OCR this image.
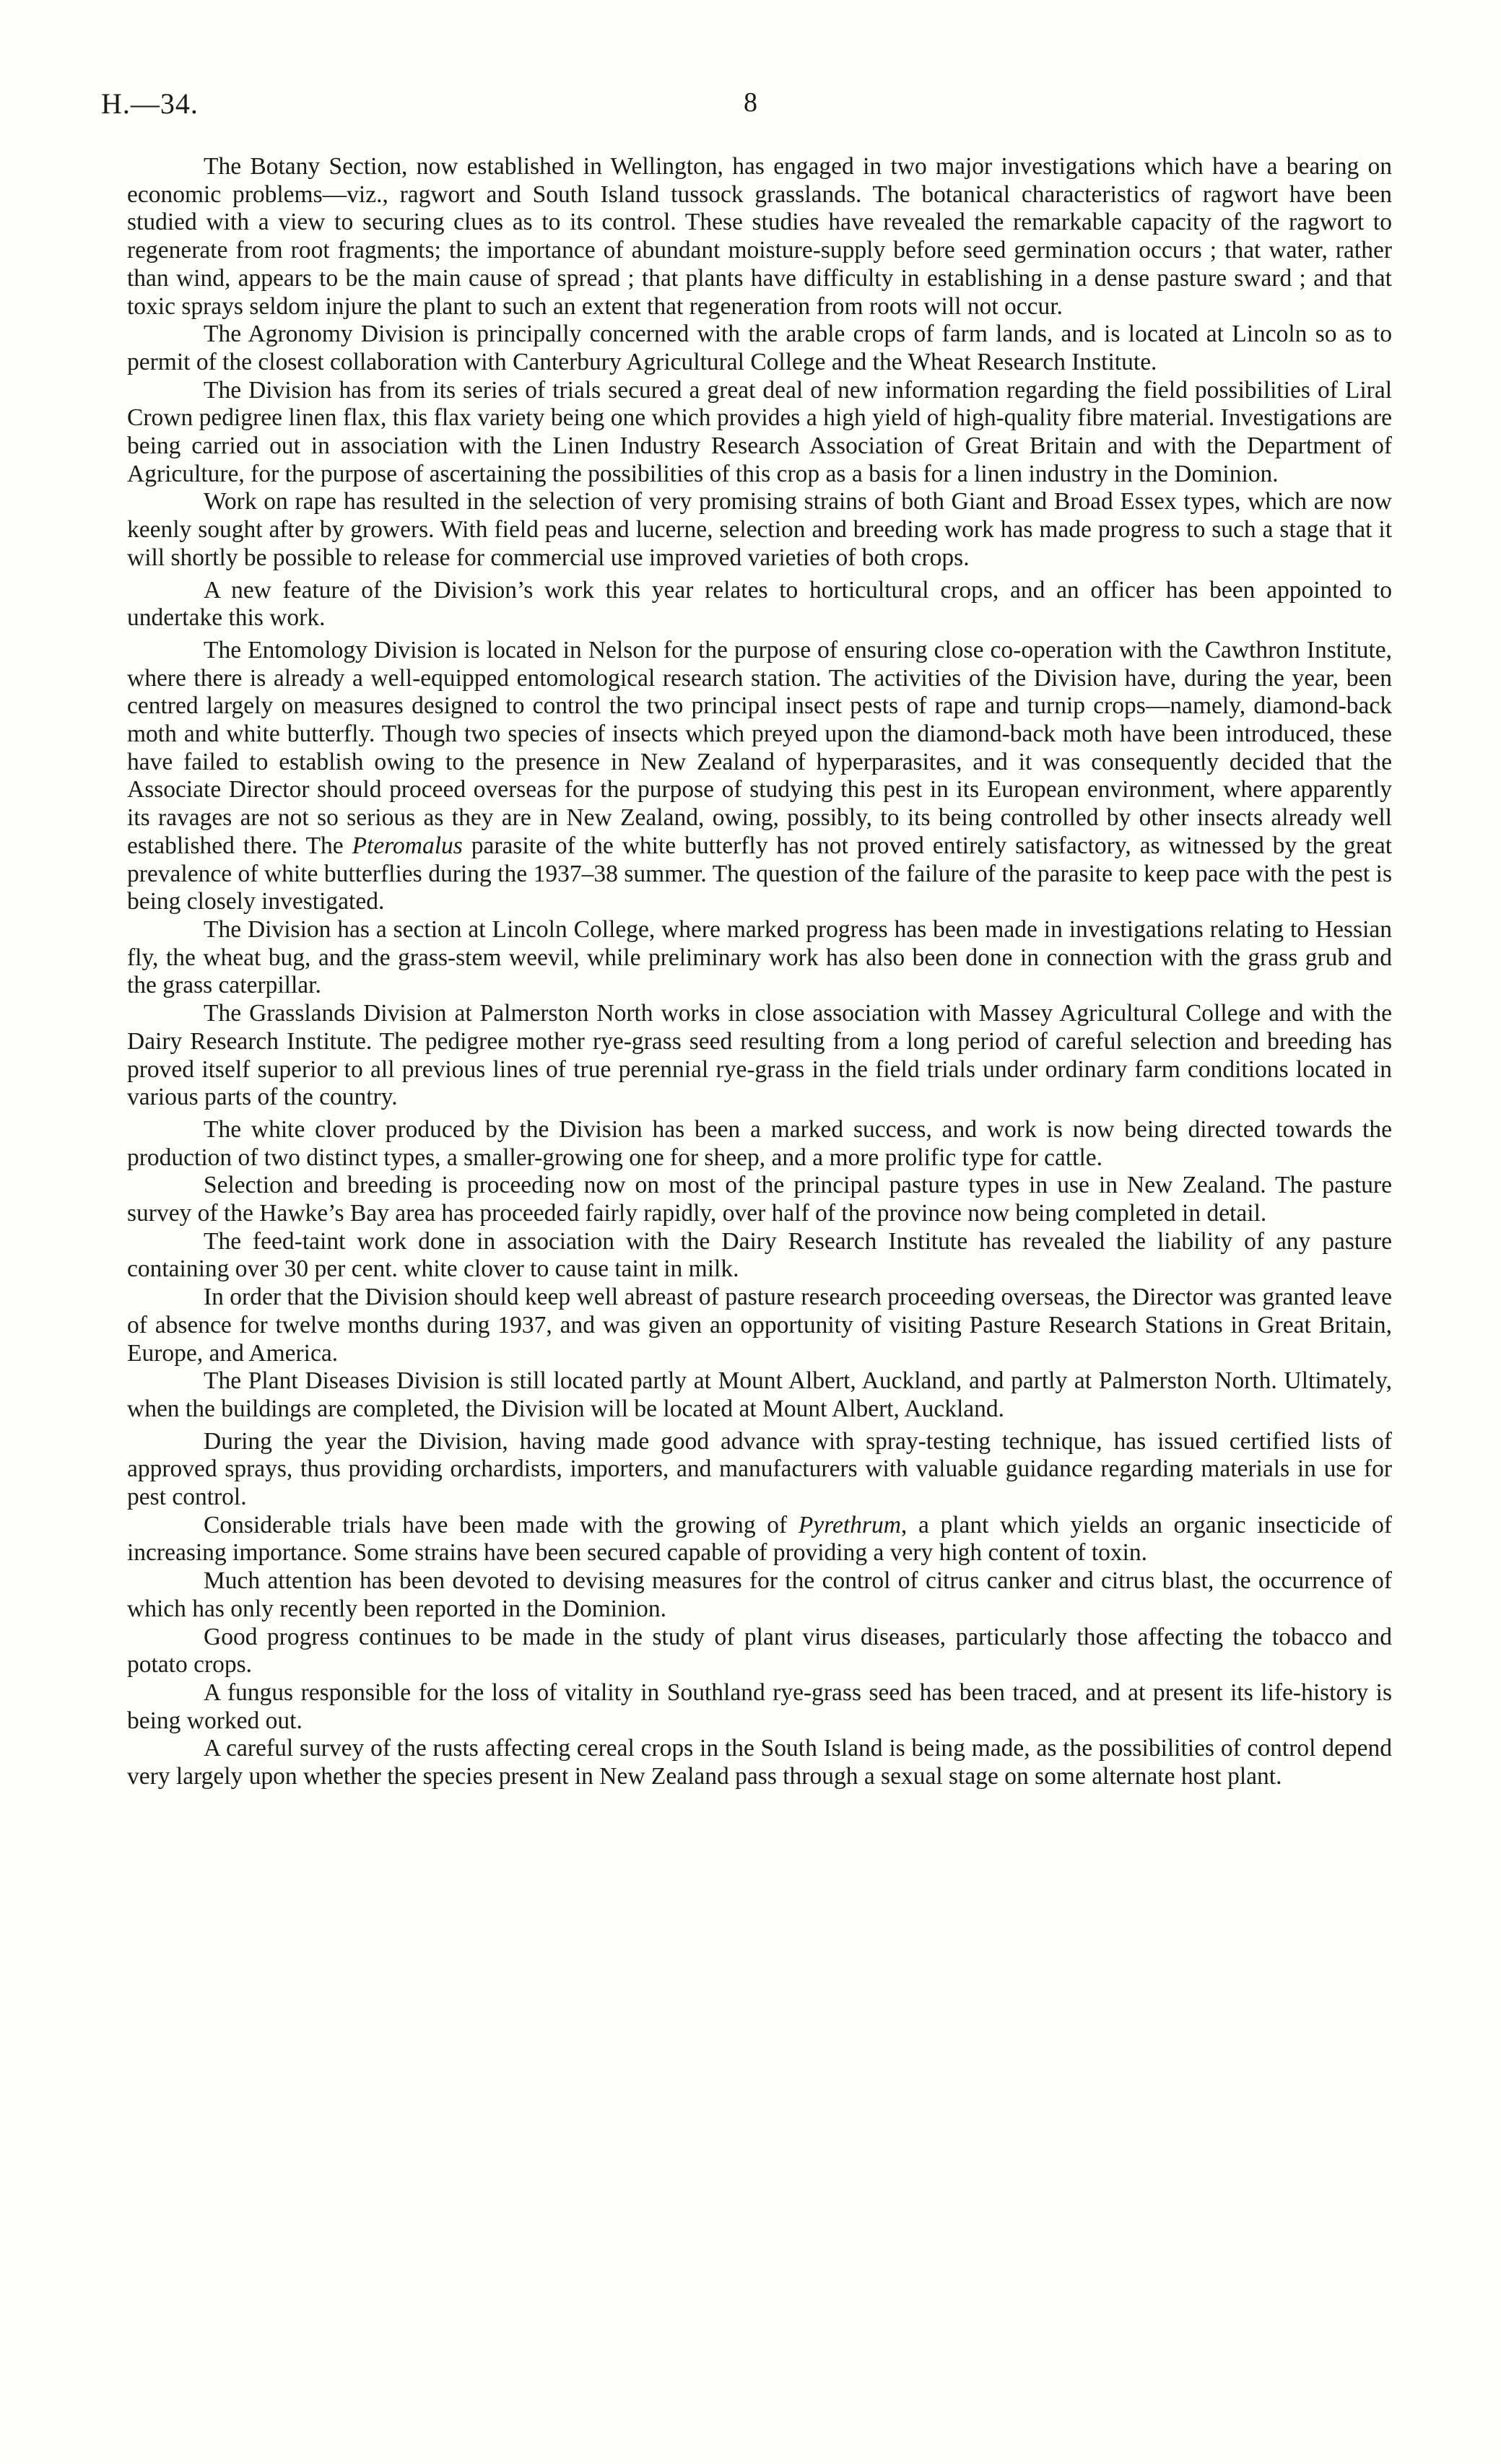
H.—34.	8

The Botany Section, now established in Wellington, has engaged in two major investigations which have a bearing on economic problems—viz., ragwort and South Island tussock grasslands. The botanical characteristics of ragwort have been studied with a view to securing clues as to its control. These studies have revealed the remarkable capacity of the ragwort to regenerate from root fragments; the importance of abundant moisture-supply before seed germination occurs ; that water, rather than wind, appears to be the main cause of spread ; that plants have difficulty in establishing in a dense pasture sward ; and that toxic sprays seldom injure the plant to such an extent that regeneration from roots will not occur.

The Agronomy Division is principally concerned with the arable crops of farm lands, and is located at Lincoln so as to permit of the closest collaboration with Canterbury Agricultural College and the Wheat Research Institute.

The Division has from its series of trials secured a great deal of new information regarding the field possibilities of Liral Crown pedigree linen flax, this flax variety being one which provides a high yield of high-quality fibre material. Investigations are being carried out in association with the Linen Industry Research Association of Great Britain and with the Department of Agriculture, for the purpose of ascertaining the possibilities of this crop as a basis for a linen industry in the Dominion.

Work on rape has resulted in the selection of very promising strains of both Giant and Broad Essex types, which are now keenly sought after by growers. With field peas and lucerne, selection and breeding work has made progress to such a stage that it will shortly be possible to release for commercial use improved varieties of both crops.

A new feature of the Division’s work this year relates to horticultural crops, and an officer has been appointed to undertake this work.

The Entomology Division is located in Nelson for the purpose of ensuring close co-operation with the Cawthron Institute, where there is already a well-equipped entomological research station. The activities of the Division have, during the year, been centred largely on measures designed to control the two principal insect pests of rape and turnip crops—namely, diamond-back moth and white butterfly. Though two species of insects which preyed upon the diamond-back moth have been introduced, these have failed to establish owing to the presence in New Zealand of hyperparasites, and it was consequently decided that the Associate Director should proceed overseas for the purpose of studying this pest in its European environment, where apparently its ravages are not so serious as they are in New Zealand, owing, possibly, to its being controlled by other insects already well established there. The Pteromalus parasite of the white butterfly has not proved entirely satisfactory, as witnessed by the great prevalence of white butterflies during the 1937–38 summer. The question of the failure of the parasite to keep pace with the pest is being closely investigated.

The Division has a section at Lincoln College, where marked progress has been made in investigations relating to Hessian fly, the wheat bug, and the grass-stem weevil, while preliminary work has also been done in connection with the grass grub and the grass caterpillar.

The Grasslands Division at Palmerston North works in close association with Massey Agricultural College and with the Dairy Research Institute. The pedigree mother rye-grass seed resulting from a long period of careful selection and breeding has proved itself superior to all previous lines of true perennial rye-grass in the field trials under ordinary farm conditions located in various parts of the country.

The white clover produced by the Division has been a marked success, and work is now being directed towards the production of two distinct types, a smaller-growing one for sheep, and a more prolific type for cattle.

Selection and breeding is proceeding now on most of the principal pasture types in use in New Zealand. The pasture survey of the Hawke’s Bay area has proceeded fairly rapidly, over half of the province now being completed in detail.

The feed-taint work done in association with the Dairy Research Institute has revealed the liability of any pasture containing over 30 per cent. white clover to cause taint in milk.

In order that the Division should keep well abreast of pasture research proceeding overseas, the Director was granted leave of absence for twelve months during 1937, and was given an opportunity of visiting Pasture Research Stations in Great Britain, Europe, and America.

The Plant Diseases Division is still located partly at Mount Albert, Auckland, and partly at Palmerston North. Ultimately, when the buildings are completed, the Division will be located at Mount Albert, Auckland.

During the year the Division, having made good advance with spray-testing technique, has issued certified lists of approved sprays, thus providing orchardists, importers, and manufacturers with valuable guidance regarding materials in use for pest control.

Considerable trials have been made with the growing of Pyrethrum, a plant which yields an organic insecticide of increasing importance. Some strains have been secured capable of providing a very high content of toxin.

Much attention has been devoted to devising measures for the control of citrus canker and citrus blast, the occurrence of which has only recently been reported in the Dominion.

Good progress continues to be made in the study of plant virus diseases, particularly those affecting the tobacco and potato crops.

A fungus responsible for the loss of vitality in Southland rye-grass seed has been traced, and at present its life-history is being worked out.

A careful survey of the rusts affecting cereal crops in the South Island is being made, as the possibilities of control depend very largely upon whether the species present in New Zealand pass through a sexual stage on some alternate host plant.
